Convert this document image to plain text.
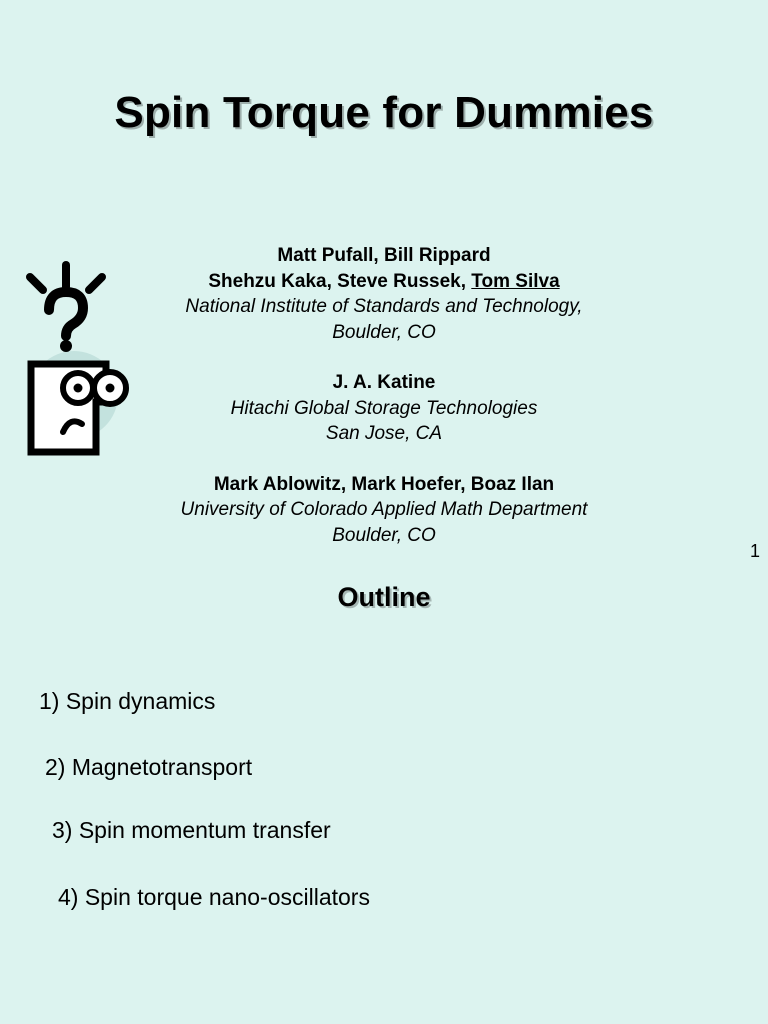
Spin Torque for Dummies
Matt Pufall, Bill Rippard
Shehzu Kaka, Steve Russek, Tom Silva
National Institute of Standards and Technology,
Boulder, CO
J. A. Katine
Hitachi Global Storage Technologies
San Jose, CA
Mark Ablowitz, Mark Hoefer, Boaz Ilan
University of Colorado Applied Math Department
Boulder, CO
1
Outline
1) Spin dynamics
2) Magnetotransport
3) Spin momentum transfer
4) Spin torque nano-oscillators
